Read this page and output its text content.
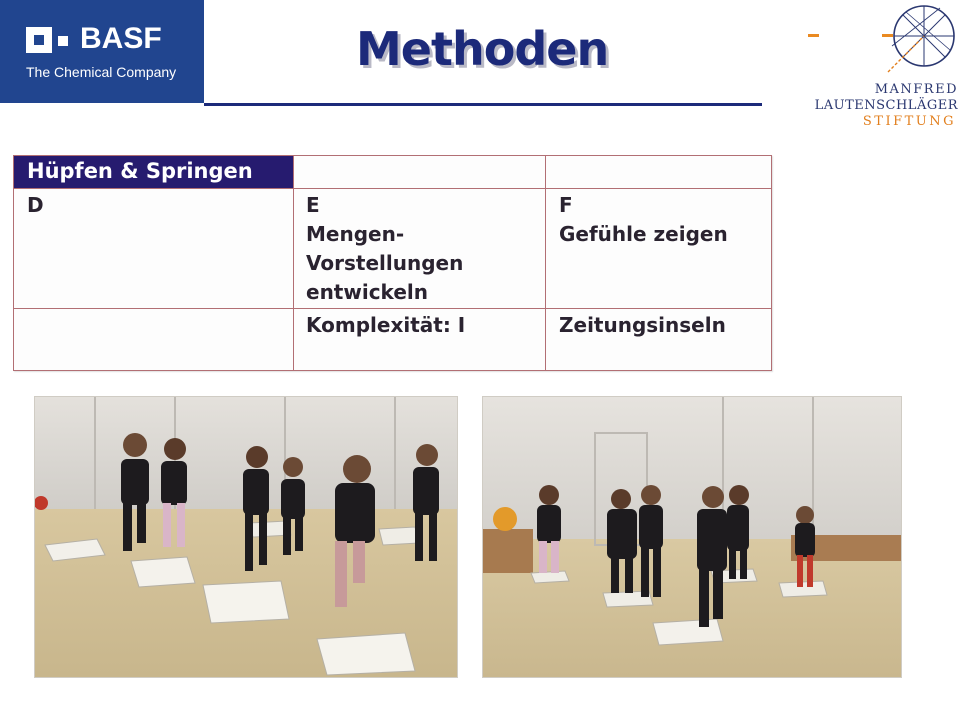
BASF
The Chemical Company	Methoden
MANFRED
LAUTENSCHLÄGER
STIFTUNG
Hüpfen & Springen
D	E
Mengen-
Vorstellungen
entwickeln
Komplexität: I
F
Gefühle zeigen
Zeitungsinseln
